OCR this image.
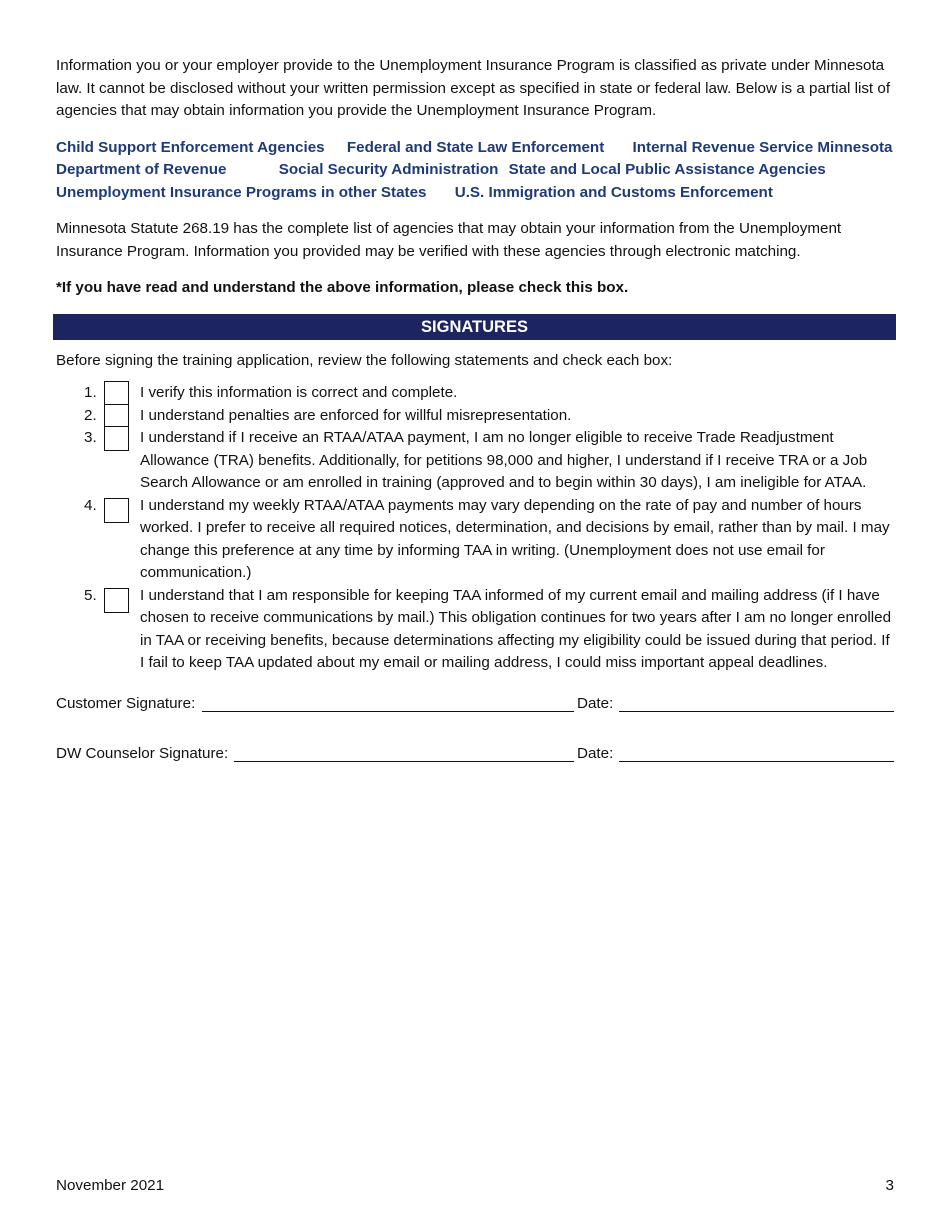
Information you or your employer provide to the Unemployment Insurance Program is classified as private under Minnesota law. It cannot be disclosed without your written permission except as specified in state or federal law. Below is a partial list of agencies that may obtain information you provide the Unemployment Insurance Program.

Child Support Enforcement Agencies Federal and State Law Enforcement Internal Revenue Service Minnesota
Department of Revenue	Social Security Administration State and Local Public Assistance Agencies
Unemployment Insurance Programs in other States U.S. Immigration and Customs Enforcement

Minnesota Statute 268.19 has the complete list of agencies that may obtain your information from the Unemployment Insurance Program. Information you provided may be verified with these agencies through electronic matching.

*If you have read and understand the above information, please check this box.

SIGNATURES

Before signing the training application, review the following statements and check each box:

1.	I verify this information is correct and complete.
2.	I understand penalties are enforced for willful misrepresentation.
3.	I understand if I receive an RTAA/ATAA payment, I am no longer eligible to receive Trade Readjustment Allowance (TRA) benefits. Additionally, for petitions 98,000 and higher, I understand if I receive TRA or a Job Search Allowance or am enrolled in training (approved and to begin within 30 days), I am ineligible for ATAA.
4.	I understand my weekly RTAA/ATAA payments may vary depending on the rate of pay and number of hours worked. I prefer to receive all required notices, determination, and decisions by email, rather than by mail. I may change this preference at any time by informing TAA in writing. (Unemployment does not use email for communication.)
5.	I understand that I am responsible for keeping TAA informed of my current email and mailing address (if I have chosen to receive communications by mail.) This obligation continues for two years after I am no longer enrolled in TAA or receiving benefits, because determinations affecting my eligibility could be issued during that period. If I fail to keep TAA updated about my email or mailing address, I could miss important appeal deadlines.
Customer Signature:	Date:
DW Counselor Signature:	Date:
November 2021	3
